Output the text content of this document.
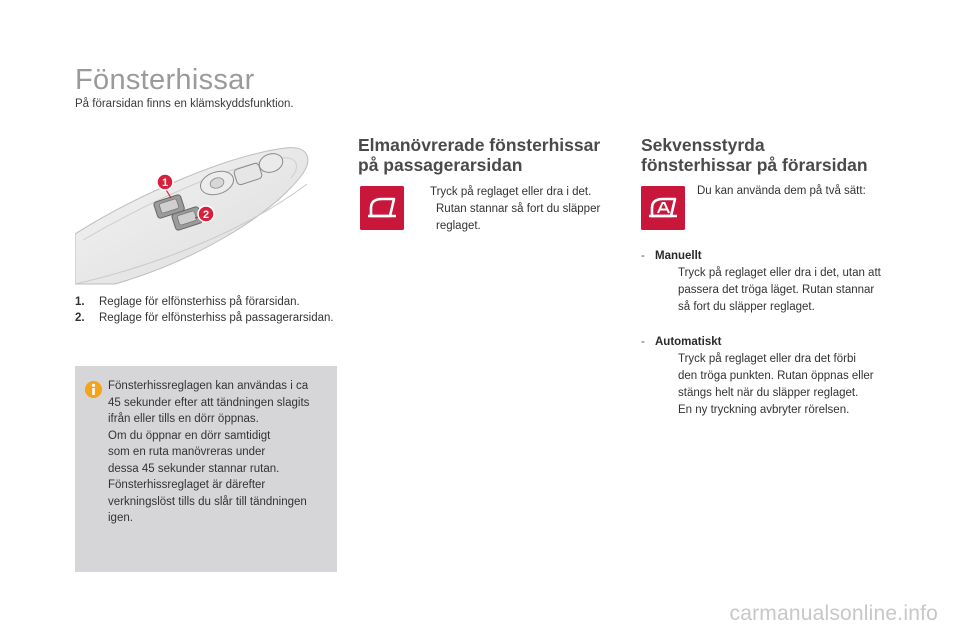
Fönsterhissar
På förarsidan finns en klämskyddsfunktion.
1
2
1.	Reglage för elfönsterhiss på förarsidan.
2.	Reglage för elfönsterhiss på passagerarsidan.
Fönsterhissreglagen kan användas i ca
45 sekunder efter att tändningen slagits
ifrån eller tills en dörr öppnas.
Om du öppnar en dörr samtidigt
som en ruta manövreras under
dessa 45 sekunder stannar rutan.
Fönsterhissreglaget är därefter
verkningslöst tills du slår till tändningen
igen.
Elmanövrerade fönsterhissar
på passagerarsidan
Tryck på reglaget eller dra i det.
Rutan stannar så fort du släpper
reglaget.
Sekvensstyrda
fönsterhissar på förarsidan
Du kan använda dem på två sätt:
- Manuellt
Tryck på reglaget eller dra i det, utan att
passera det tröga läget. Rutan stannar
så fort du släpper reglaget.
- Automatiskt
Tryck på reglaget eller dra det förbi
den tröga punkten. Rutan öppnas eller
stängs helt när du släpper reglaget.
En ny tryckning avbryter rörelsen.
carmanualsonline.info
